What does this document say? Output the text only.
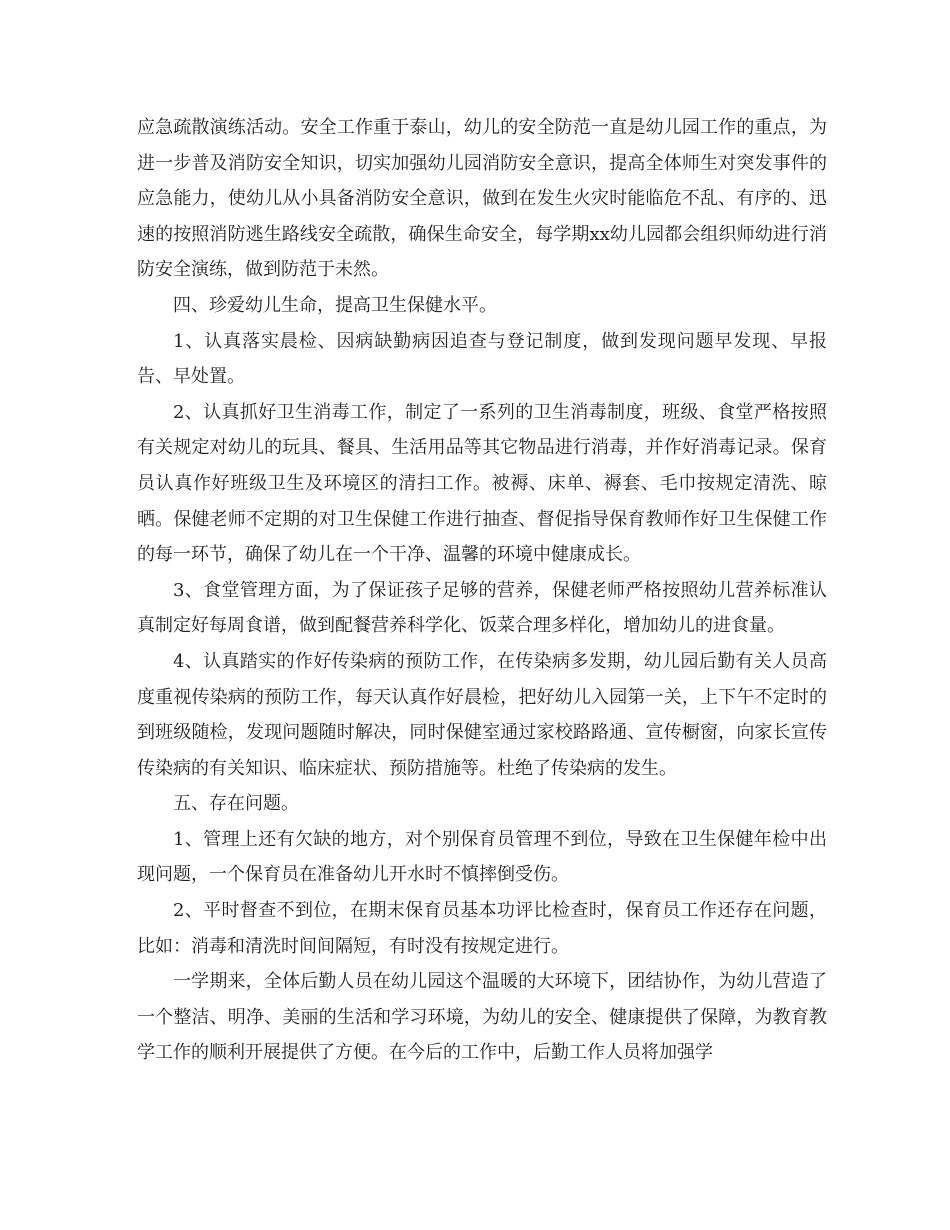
应急疏散演练活动。安全工作重于泰山，幼儿的安全防范一直是幼儿园工作的重点，为进一步普及消防安全知识，切实加强幼儿园消防安全意识，提高全体师生对突发事件的应急能力，使幼儿从小具备消防安全意识，做到在发生火灾时能临危不乱、有序的、迅速的按照消防逃生路线安全疏散，确保生命安全，每学期xx幼儿园都会组织师幼进行消防安全演练，做到防范于未然。

四、珍爱幼儿生命，提高卫生保健水平。

1、认真落实晨检、因病缺勤病因追查与登记制度，做到发现问题早发现、早报告、早处置。

2、认真抓好卫生消毒工作，制定了一系列的卫生消毒制度，班级、食堂严格按照有关规定对幼儿的玩具、餐具、生活用品等其它物品进行消毒，并作好消毒记录。保育员认真作好班级卫生及环境区的清扫工作。被褥、床单、褥套、毛巾按规定清洗、晾晒。保健老师不定期的对卫生保健工作进行抽查、督促指导保育教师作好卫生保健工作的每一环节，确保了幼儿在一个干净、温馨的环境中健康成长。

3、食堂管理方面，为了保证孩子足够的营养，保健老师严格按照幼儿营养标准认真制定好每周食谱，做到配餐营养科学化、饭菜合理多样化，增加幼儿的进食量。

4、认真踏实的作好传染病的预防工作，在传染病多发期，幼儿园后勤有关人员高度重视传染病的预防工作，每天认真作好晨检，把好幼儿入园第一关，上下午不定时的到班级随检，发现问题随时解决，同时保健室通过家校路路通、宣传橱窗，向家长宣传传染病的有关知识、临床症状、预防措施等。杜绝了传染病的发生。

五、存在问题。

1、管理上还有欠缺的地方，对个别保育员管理不到位，导致在卫生保健年检中出现问题，一个保育员在准备幼儿开水时不慎摔倒受伤。

2、平时督查不到位，在期末保育员基本功评比检查时，保育员工作还存在问题，比如：消毒和清洗时间间隔短，有时没有按规定进行。

一学期来，全体后勤人员在幼儿园这个温暖的大环境下，团结协作，为幼儿营造了一个整洁、明净、美丽的生活和学习环境，为幼儿的安全、健康提供了保障，为教育教学工作的顺利开展提供了方便。在今后的工作中，后勤工作人员将加强学
